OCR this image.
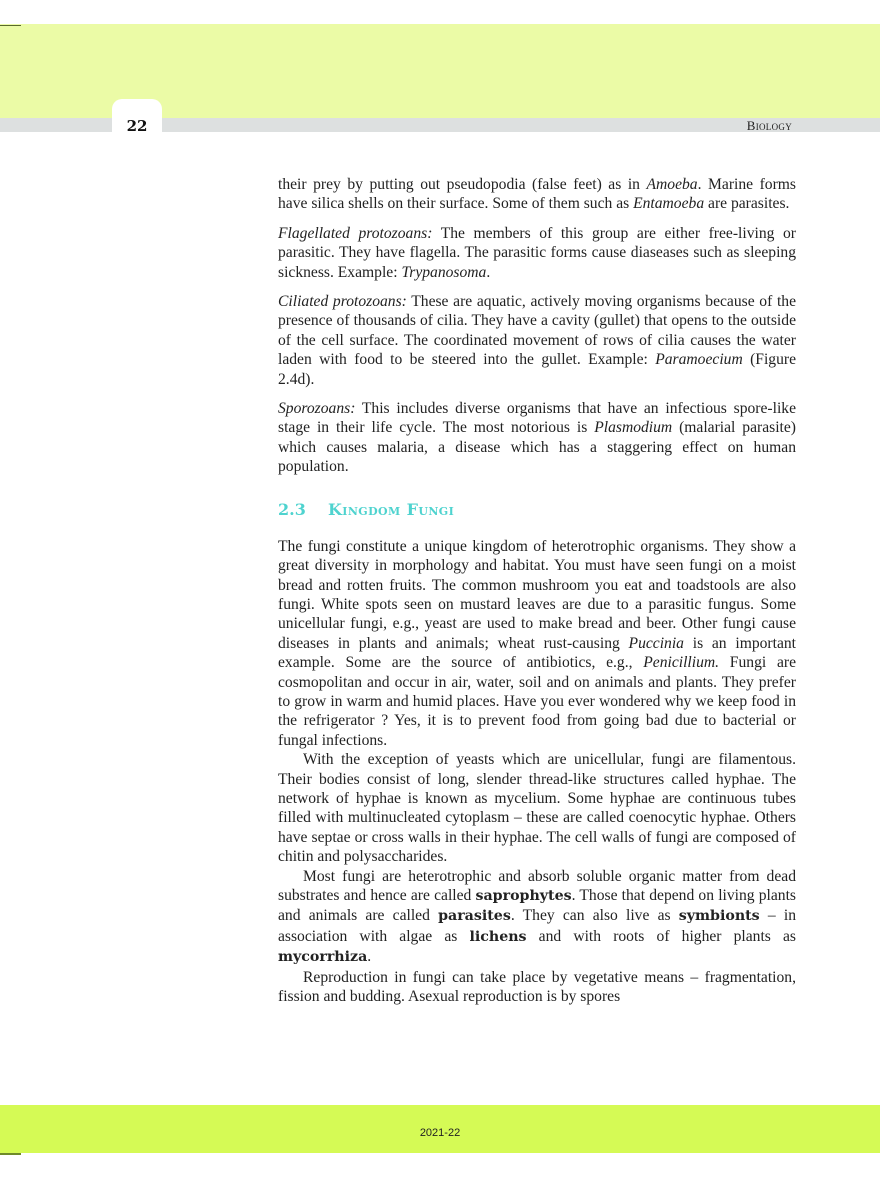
22	Biology

their prey by putting out pseudopodia (false feet) as in Amoeba. Marine forms have silica shells on their surface. Some of them such as Entamoeba are parasites.

Flagellated protozoans: The members of this group are either free-living or parasitic. They have flagella. The parasitic forms cause diaseases such as sleeping sickness. Example: Trypanosoma.

Ciliated protozoans: These are aquatic, actively moving organisms because of the presence of thousands of cilia. They have a cavity (gullet) that opens to the outside of the cell surface. The coordinated movement of rows of cilia causes the water laden with food to be steered into the gullet. Example: Paramoecium (Figure 2.4d).

Sporozoans: This includes diverse organisms that have an infectious spore-like stage in their life cycle. The most notorious is Plasmodium (malarial parasite) which causes malaria, a disease which has a staggering effect on human population.

2.3 Kingdom Fungi

The fungi constitute a unique kingdom of heterotrophic organisms. They show a great diversity in morphology and habitat. You must have seen fungi on a moist bread and rotten fruits. The common mushroom you eat and toadstools are also fungi. White spots seen on mustard leaves are due to a parasitic fungus. Some unicellular fungi, e.g., yeast are used to make bread and beer. Other fungi cause diseases in plants and animals; wheat rust-causing Puccinia is an important example. Some are the source of antibiotics, e.g., Penicillium. Fungi are cosmopolitan and occur in air, water, soil and on animals and plants. They prefer to grow in warm and humid places. Have you ever wondered why we keep food in the refrigerator ? Yes, it is to prevent food from going bad due to bacterial or fungal infections.

With the exception of yeasts which are unicellular, fungi are filamentous. Their bodies consist of long, slender thread-like structures called hyphae. The network of hyphae is known as mycelium. Some hyphae are continuous tubes filled with multinucleated cytoplasm – these are called coenocytic hyphae. Others have septae or cross walls in their hyphae. The cell walls of fungi are composed of chitin and polysaccharides.

Most fungi are heterotrophic and absorb soluble organic matter from dead substrates and hence are called saprophytes. Those that depend on living plants and animals are called parasites. They can also live as symbionts – in association with algae as lichens and with roots of higher plants as mycorrhiza.

Reproduction in fungi can take place by vegetative means – fragmentation, fission and budding. Asexual reproduction is by spores

2021-22
